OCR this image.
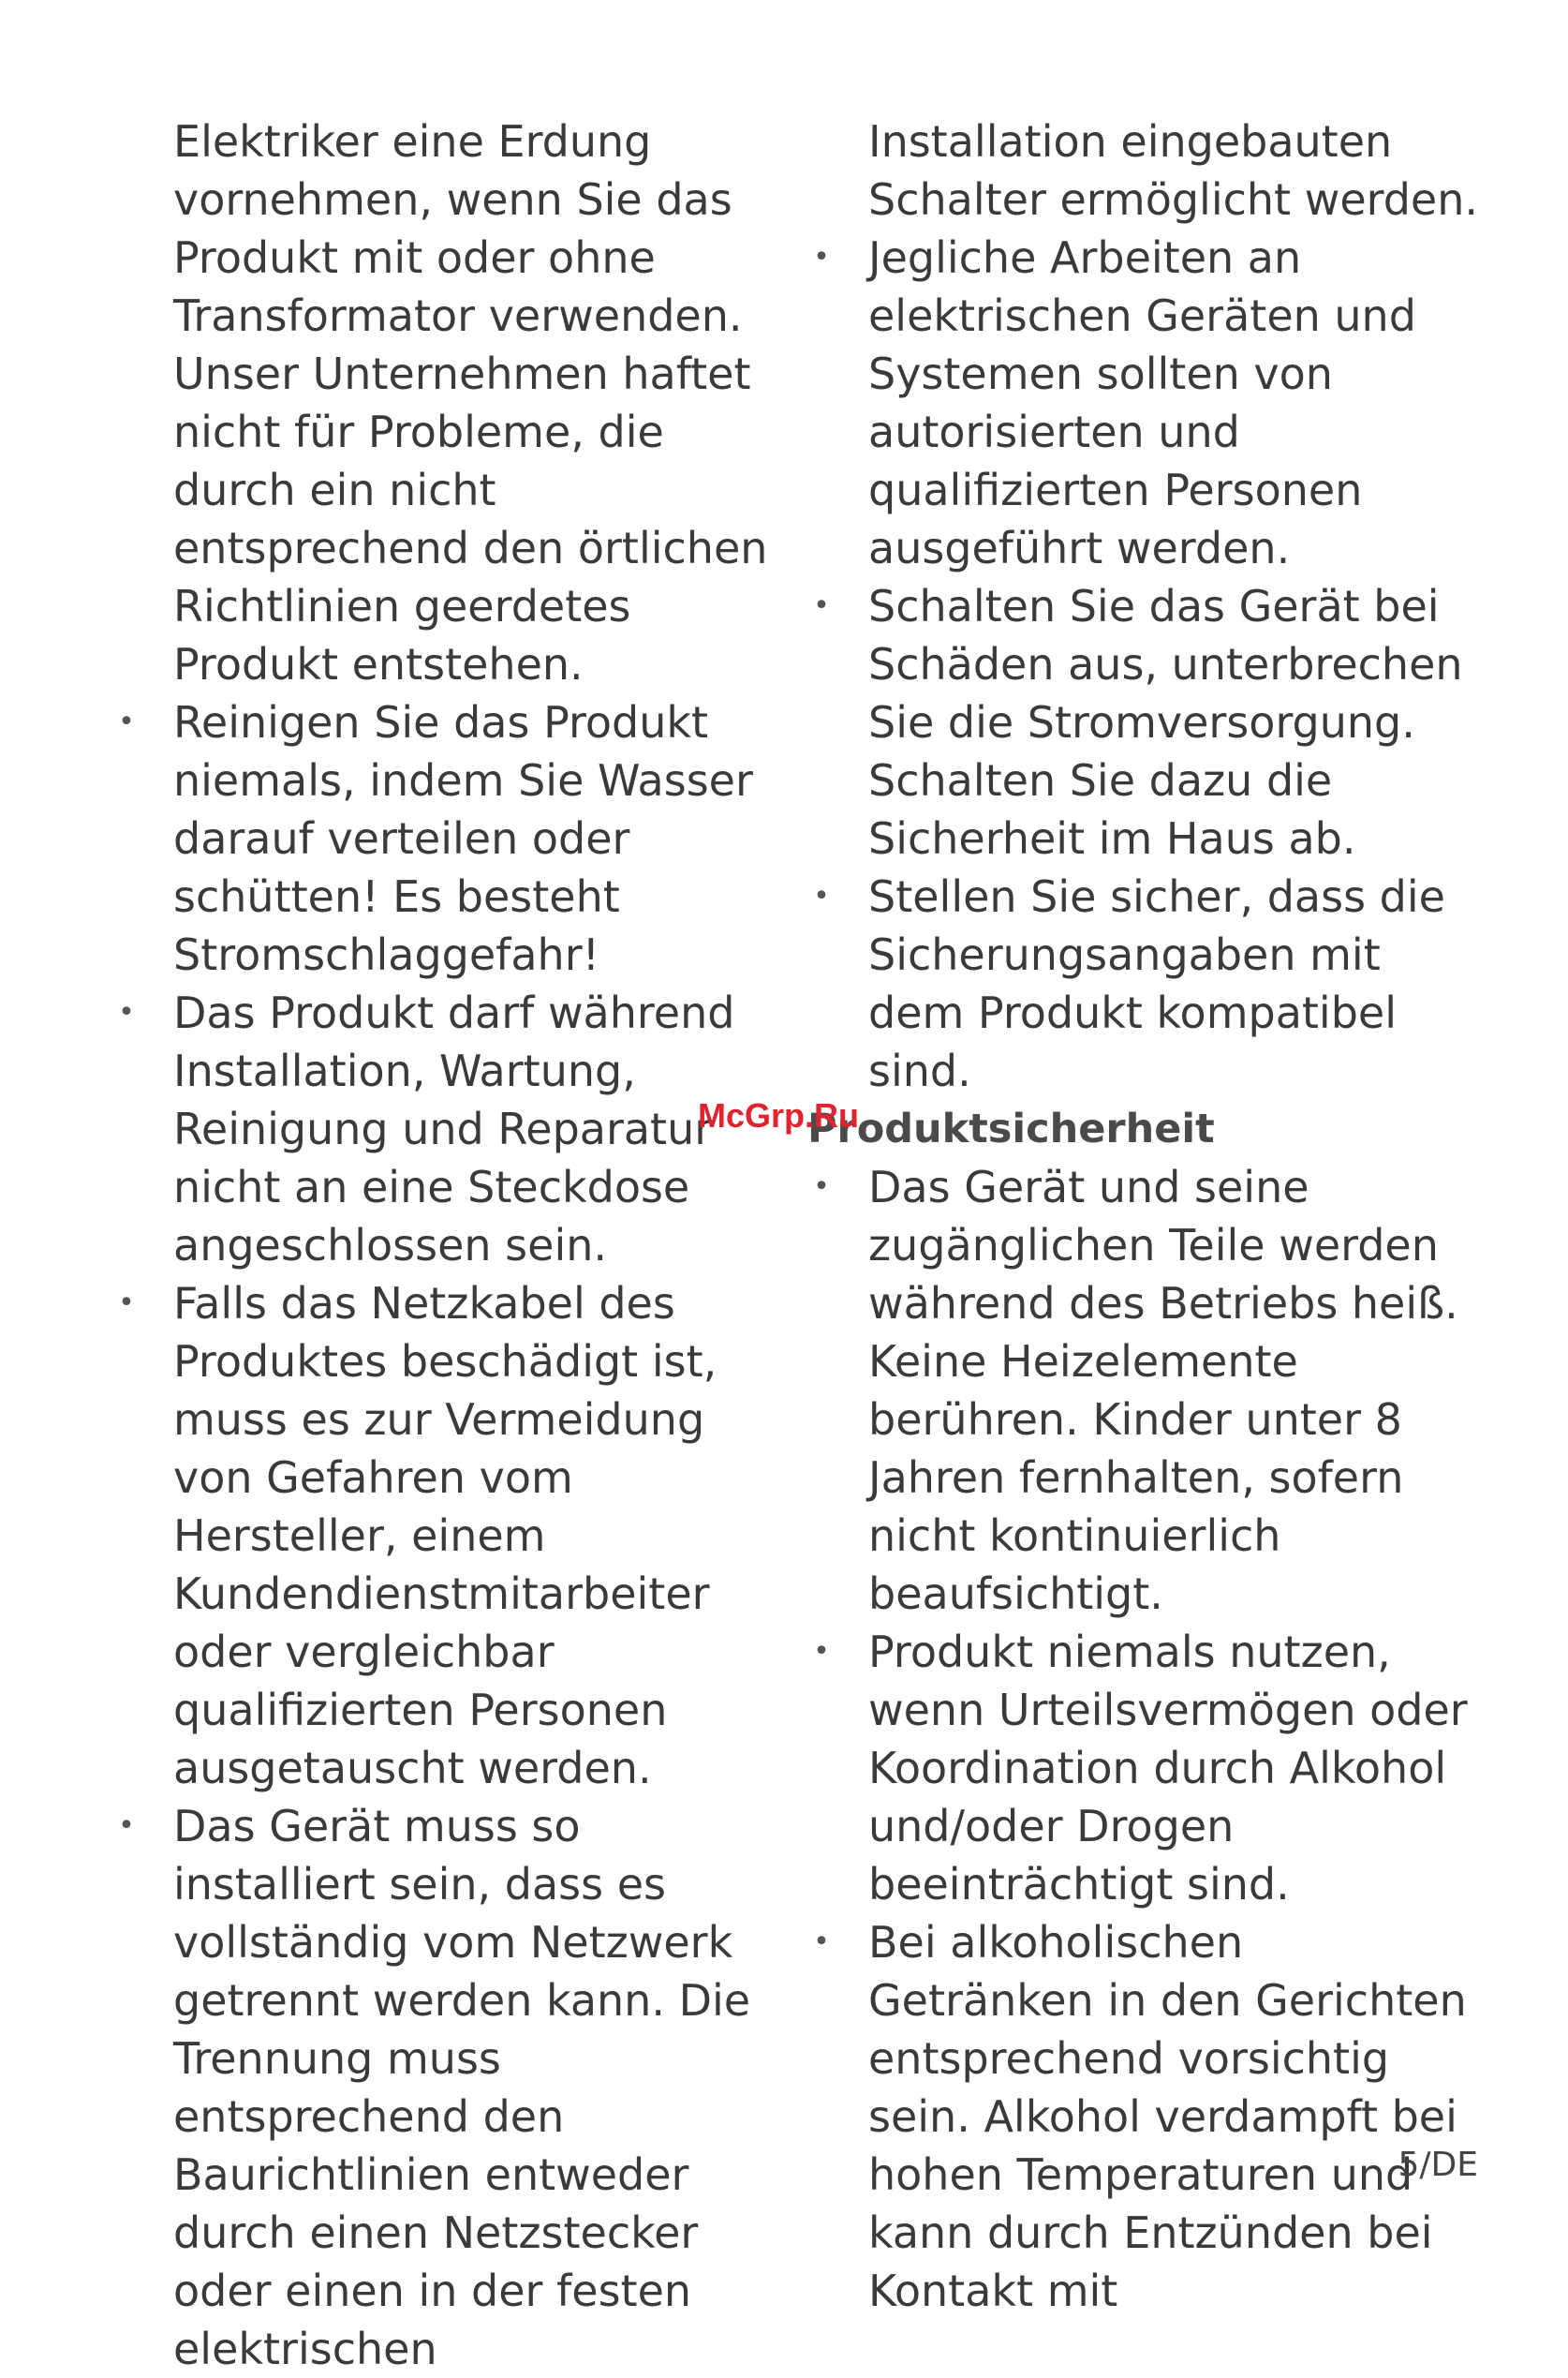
Elektriker eine Erdung vornehmen, wenn Sie das Produkt mit oder ohne Transformator verwenden. Unser Unternehmen haftet nicht für Probleme, die durch ein nicht entsprechend den örtlichen Richtlinien geerdetes Produkt entstehen.

• Reinigen Sie das Produkt niemals, indem Sie Wasser darauf verteilen oder schütten! Es besteht Stromschlaggefahr!
• Das Produkt darf während Installation, Wartung, Reinigung und Reparatur nicht an eine Steckdose angeschlossen sein.
• Falls das Netzkabel des Produktes beschädigt ist, muss es zur Vermeidung von Gefahren vom Hersteller, einem Kundendienstmitarbeiter oder vergleichbar qualifizierten Personen ausgetauscht werden.
• Das Gerät muss so installiert sein, dass es vollständig vom Netzwerk getrennt werden kann. Die Trennung muss entsprechend den Baurichtlinien entweder durch einen Netzstecker oder einen in der festen elektrischen

Installation eingebauten Schalter ermöglicht werden.

• Jegliche Arbeiten an elektrischen Geräten und Systemen sollten von autorisierten und qualifizierten Personen ausgeführt werden.
• Schalten Sie das Gerät bei Schäden aus, unterbrechen Sie die Stromversorgung. Schalten Sie dazu die Sicherheit im Haus ab.
• Stellen Sie sicher, dass die Sicherungsangaben mit dem Produkt kompatibel sind.
Produktsicherheit
• Das Gerät und seine zugänglichen Teile werden während des Betriebs heiß. Keine Heizelemente berühren. Kinder unter 8 Jahren fernhalten, sofern nicht kontinuierlich beaufsichtigt.
• Produkt niemals nutzen, wenn Urteilsvermögen oder Koordination durch Alkohol und/oder Drogen beeinträchtigt sind.
• Bei alkoholischen Getränken in den Gerichten entsprechend vorsichtig sein. Alkohol verdampft bei hohen Temperaturen und kann durch Entzünden bei Kontakt mit
McGrp.Ru
5/DE
